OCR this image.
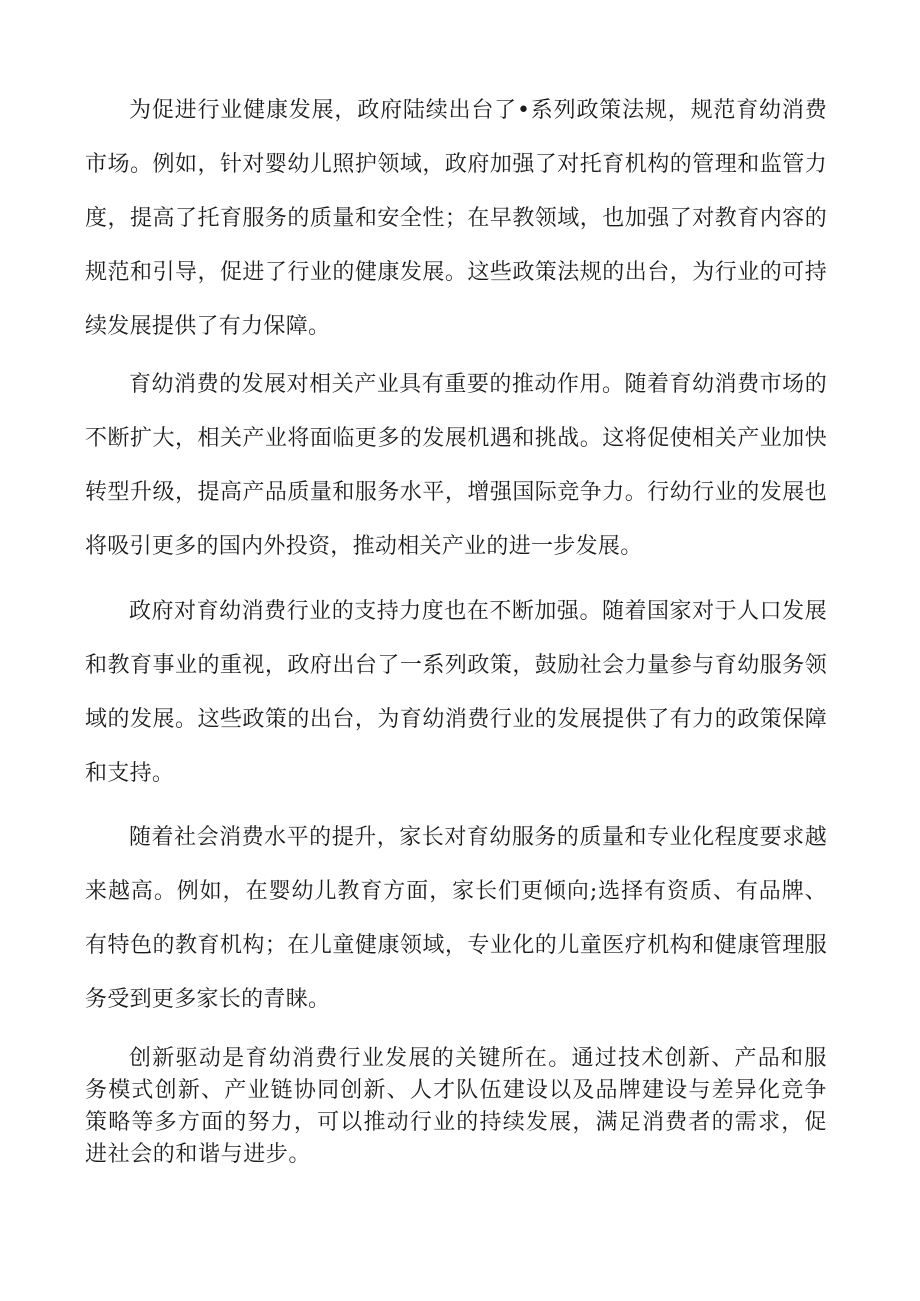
为促进行业健康发展，政府陆续出台了•系列政策法规，规范育幼消费市场。例如，针对婴幼儿照护领域，政府加强了对托育机构的管理和监管力度，提高了托育服务的质量和安全性；在早教领域，也加强了对教育内容的规范和引导，促进了行业的健康发展。这些政策法规的出台，为行业的可持续发展提供了有力保障。

育幼消费的发展对相关产业具有重要的推动作用。随着育幼消费市场的不断扩大，相关产业将面临更多的发展机遇和挑战。这将促使相关产业加快转型升级，提高产品质量和服务水平，增强国际竞争力。行幼行业的发展也将吸引更多的国内外投资，推动相关产业的进一步发展。

政府对育幼消费行业的支持力度也在不断加强。随着国家对于人口发展和教育事业的重视，政府出台了一系列政策，鼓励社会力量参与育幼服务领域的发展。这些政策的出台，为育幼消费行业的发展提供了有力的政策保障和支持。

随着社会消费水平的提升，家长对育幼服务的质量和专业化程度要求越来越高。例如，在婴幼儿教育方面，家长们更倾向;选择有资质、有品牌、有特色的教育机构；在儿童健康领域，专业化的儿童医疗机构和健康管理服务受到更多家长的青睐。

创新驱动是育幼消费行业发展的关键所在。通过技术创新、产品和服务模式创新、产业链协同创新、人才队伍建设以及品牌建设与差异化竞争策略等多方面的努力，可以推动行业的持续发展，满足消费者的需求，促进社会的和谐与进步。
